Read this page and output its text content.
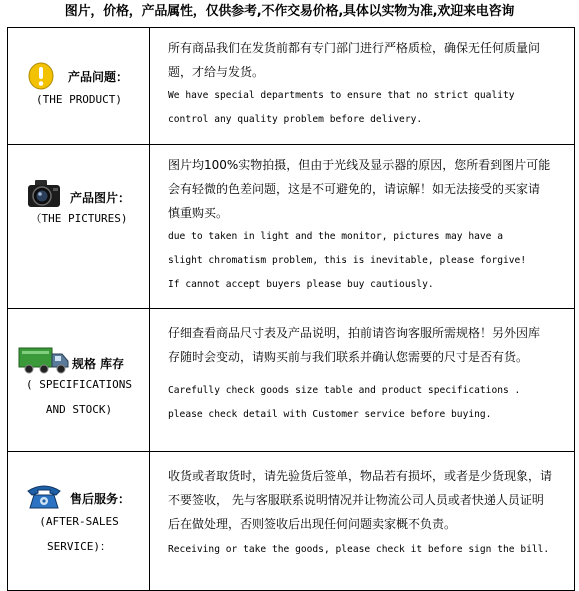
图片，价格，产品属性，仅供参考,不作交易价格,具体以实物为准,欢迎来电咨询
产品问题：
(THE PRODUCT)

所有商品我们在发货前都有专门部门进行严格质检，确保无任何质量问

题，才给与发货。

We have special departments to ensure that no strict quality

control any quality problem before delivery.

产品图片：
（THE PICTURES)

图片均100%实物拍摄，但由于光线及显示器的原因，您所看到图片可能

会有轻微的色差问题，这是不可避免的，请谅解！如无法接受的买家请

慎重购买。

due to taken in light and the monitor, pictures may have a

slight chromatism problem, this is inevitable, please forgive!

If cannot accept buyers please buy cautiously.

规格 库存
( SPECIFICATIONS
AND STOCK)

仔细查看商品尺寸表及产品说明，拍前请咨询客服所需规格！另外因库

存随时会变动，请购买前与我们联系并确认您需要的尺寸是否有货。

Carefully check goods size table and product specifications .

please check detail with Customer service before buying.

售后服务：
(AFTER-SALES
SERVICE)：

收货或者取货时，请先验货后签单，物品若有损坏，或者是少货现象，请

不要签收， 先与客服联系说明情况并让物流公司人员或者快递人员证明

后在做处理，否则签收后出现任何问题卖家概不负责。

Receiving or take the goods, please check it before sign the bill.
